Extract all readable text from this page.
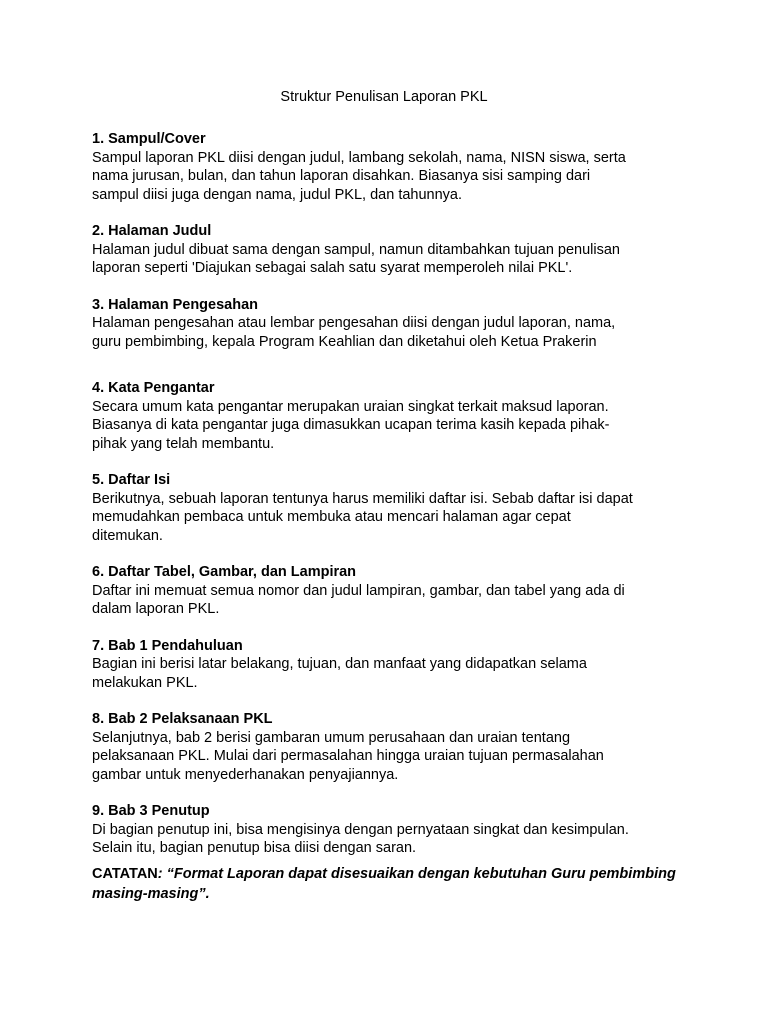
Struktur Penulisan Laporan PKL
1. Sampul/Cover

Sampul laporan PKL diisi dengan judul, lambang sekolah, nama, NISN siswa, serta
nama jurusan, bulan, dan tahun laporan disahkan. Biasanya sisi samping dari
sampul diisi juga dengan nama, judul PKL, dan tahunnya.

2. Halaman Judul

Halaman judul dibuat sama dengan sampul, namun ditambahkan tujuan penulisan
laporan seperti 'Diajukan sebagai salah satu syarat memperoleh nilai PKL'.

3. Halaman Pengesahan

Halaman pengesahan atau lembar pengesahan diisi dengan judul laporan, nama,
guru pembimbing, kepala Program Keahlian dan diketahui oleh Ketua Prakerin

4. Kata Pengantar

Secara umum kata pengantar merupakan uraian singkat terkait maksud laporan.
Biasanya di kata pengantar juga dimasukkan ucapan terima kasih kepada pihak-
pihak yang telah membantu.

5. Daftar Isi

Berikutnya, sebuah laporan tentunya harus memiliki daftar isi. Sebab daftar isi dapat
memudahkan pembaca untuk membuka atau mencari halaman agar cepat
ditemukan.

6. Daftar Tabel, Gambar, dan Lampiran

Daftar ini memuat semua nomor dan judul lampiran, gambar, dan tabel yang ada di
dalam laporan PKL.

7. Bab 1 Pendahuluan

Bagian ini berisi latar belakang, tujuan, dan manfaat yang didapatkan selama
melakukan PKL.

8. Bab 2 Pelaksanaan PKL

Selanjutnya, bab 2 berisi gambaran umum perusahaan dan uraian tentang
pelaksanaan PKL. Mulai dari permasalahan hingga uraian tujuan permasalahan
gambar untuk menyederhanakan penyajiannya.

9. Bab 3 Penutup

Di bagian penutup ini, bisa mengisinya dengan pernyataan singkat dan kesimpulan.
Selain itu, bagian penutup bisa diisi dengan saran.

CATATAN: “Format Laporan dapat disesuaikan dengan kebutuhan Guru pembimbing masing-masing”.
